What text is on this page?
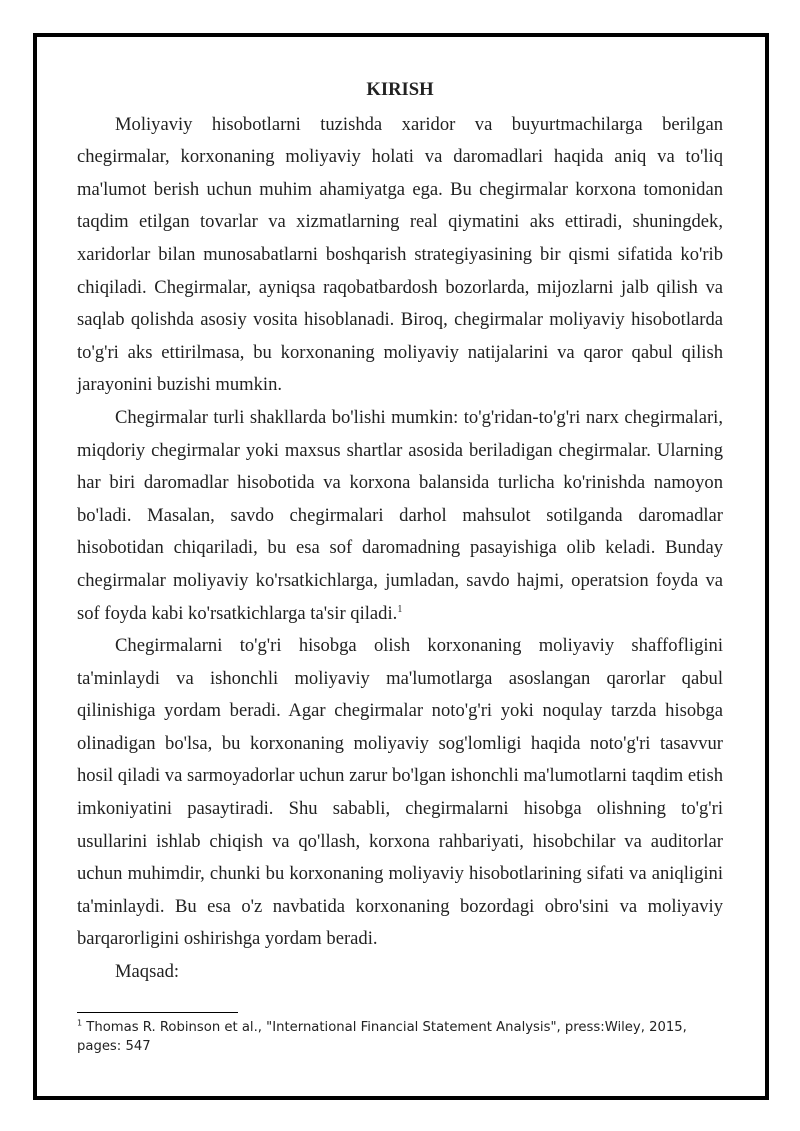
KIRISH

Moliyaviy hisobotlarni tuzishda xaridor va buyurtmachilarga berilgan chegirmalar, korxonaning moliyaviy holati va daromadlari haqida aniq va to'liq ma'lumot berish uchun muhim ahamiyatga ega. Bu chegirmalar korxona tomonidan taqdim etilgan tovarlar va xizmatlarning real qiymatini aks ettiradi, shuningdek, xaridorlar bilan munosabatlarni boshqarish strategiyasining bir qismi sifatida ko'rib chiqiladi. Chegirmalar, ayniqsa raqobatbardosh bozorlarda, mijozlarni jalb qilish va saqlab qolishda asosiy vosita hisoblanadi. Biroq, chegirmalar moliyaviy hisobotlarda to'g'ri aks ettirilmasa, bu korxonaning moliyaviy natijalarini va qaror qabul qilish jarayonini buzishi mumkin.

Chegirmalar turli shakllarda bo'lishi mumkin: to'g'ridan-to'g'ri narx chegirmalari, miqdoriy chegirmalar yoki maxsus shartlar asosida beriladigan chegirmalar. Ularning har biri daromadlar hisobotida va korxona balansida turlicha ko'rinishda namoyon bo'ladi. Masalan, savdo chegirmalari darhol mahsulot sotilganda daromadlar hisobotidan chiqariladi, bu esa sof daromadning pasayishiga olib keladi. Bunday chegirmalar moliyaviy ko'rsatkichlarga, jumladan, savdo hajmi, operatsion foyda va sof foyda kabi ko'rsatkichlarga ta'sir qiladi.$^1$

Chegirmalarni to'g'ri hisobga olish korxonaning moliyaviy shaffofligini ta'minlaydi va ishonchli moliyaviy ma'lumotlarga asoslangan qarorlar qabul qilinishiga yordam beradi. Agar chegirmalar noto'g'ri yoki noqulay tarzda hisobga olinadigan bo'lsa, bu korxonaning moliyaviy sog'lomligi haqida noto'g'ri tasavvur hosil qiladi va sarmoyadorlar uchun zarur bo'lgan ishonchli ma'lumotlarni taqdim etish imkoniyatini pasaytiradi. Shu sababli, chegirmalarni hisobga olishning to'g'ri usullarini ishlab chiqish va qo'llash, korxona rahbariyati, hisobchilar va auditorlar uchun muhimdir, chunki bu korxonaning moliyaviy hisobotlarining sifati va aniqligini ta'minlaydi. Bu esa o'z navbatida korxonaning bozordagi obro'sini va moliyaviy barqarorligini oshirishga yordam beradi.

Maqsad:

$^1$ Thomas R. Robinson et al., "International Financial Statement Analysis", press:Wiley, 2015, pages: 547
